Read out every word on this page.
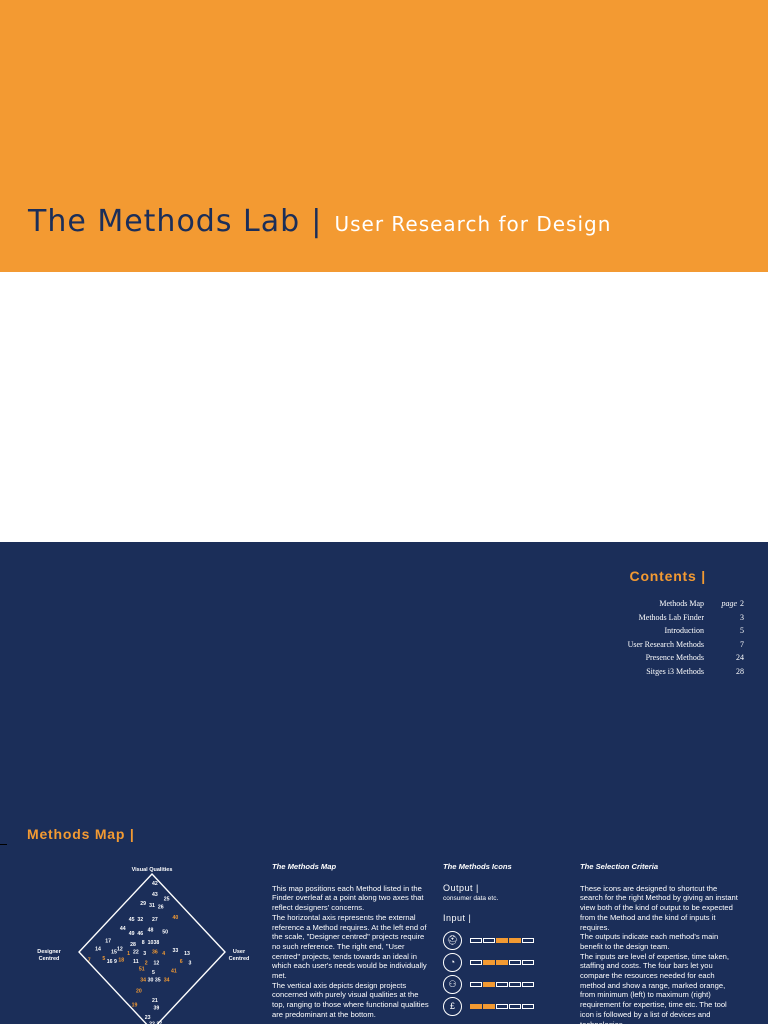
The Methods Lab | User Research for Design

Contents |
Methods Map page 2
Methods Lab Finder	3
Introduction	5
User Research Methods	7
Presence Methods	24
Sitges i3 Methods	28
Methods Map |
Visual Qualities
Designer
Centred
User
Centred
42
43
25
29 31 26
45 32 27	40
44
49 46
48 50
17
28 8 10 38
14
15
12
1 22 3 36 4
33
13
7 5
16 9 18 11 2 12	6 3
51	41
5
34 30 35 34
20
21
19
39
23
22 37
The Methods Map

This map positions each Method listed in the Finder overleaf at a point along two axes that reflect designers' concerns.

The horizontal axis represents the external reference a Method requires. At the left end of the scale, "Designer centred" projects require no such reference. The right end, "User centred" projects, tends towards an ideal in which each user's needs would be individually met.

The vertical axis depicts design projects concerned with purely visual qualities at the top, ranging to those where functional qualities are predominant at the bottom.

The Methods Icons
Output |
consumer data etc.
Input |
⛑
◔
⚇
£
The Selection Criteria

These icons are designed to shortcut the search for the right Method by giving an instant view both of the kind of output to be expected from the Method and the kind of inputs it requires.

The outputs indicate each method's main benefit to the design team.

The inputs are level of expertise, time taken, staffing and costs. The four bars let you compare the resources needed for each method and show a range, marked orange, from minimum (left) to maximum (right) requirement for expertise, time etc. The tool icon is followed by a list of devices and technologies
